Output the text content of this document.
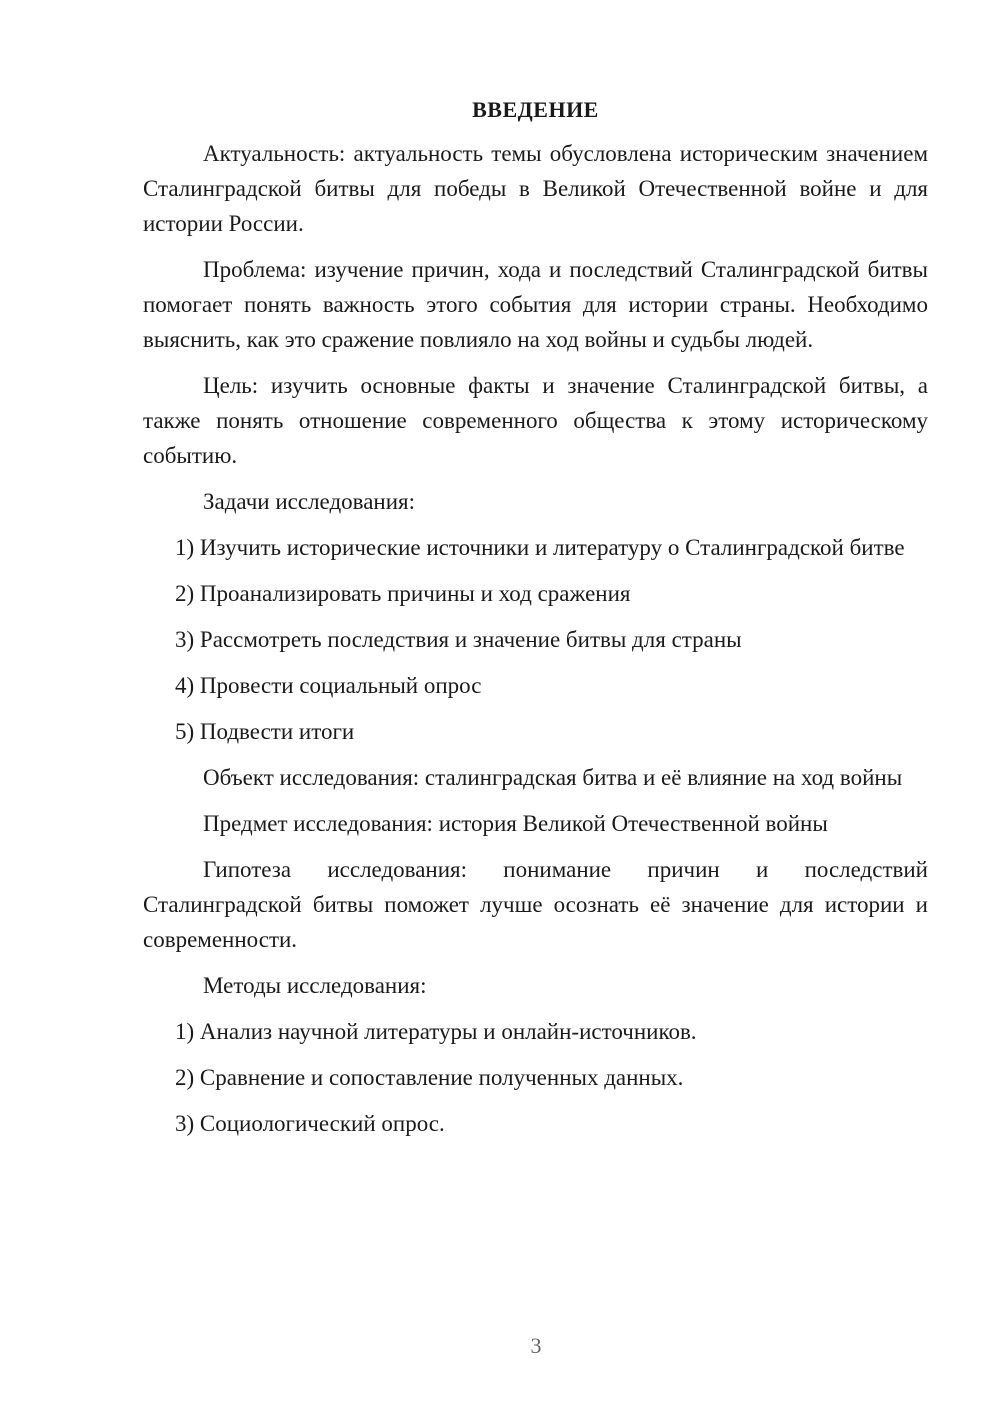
ВВЕДЕНИЕ

Актуальность: актуальность темы обусловлена историческим значением Сталинградской битвы для победы в Великой Отечественной войне и для истории России.

Проблема: изучение причин, хода и последствий Сталинградской битвы помогает понять важность этого события для истории страны. Необходимо выяснить, как это сражение повлияло на ход войны и судьбы людей.

Цель: изучить основные факты и значение Сталинградской битвы, а также понять отношение современного общества к этому историческому событию.

Задачи исследования:

1) Изучить исторические источники и литературу о Сталинградской битве

2) Проанализировать причины и ход сражения

3) Рассмотреть последствия и значение битвы для страны

4) Провести социальный опрос

5) Подвести итоги

Объект исследования: сталинградская битва и её влияние на ход войны

Предмет исследования: история Великой Отечественной войны

Гипотеза исследования: понимание причин и последствий Сталинградской битвы поможет лучше осознать её значение для истории и современности.

Методы исследования:

1) Анализ научной литературы и онлайн-источников.

2) Сравнение и сопоставление полученных данных.

3) Социологический опрос.

3
